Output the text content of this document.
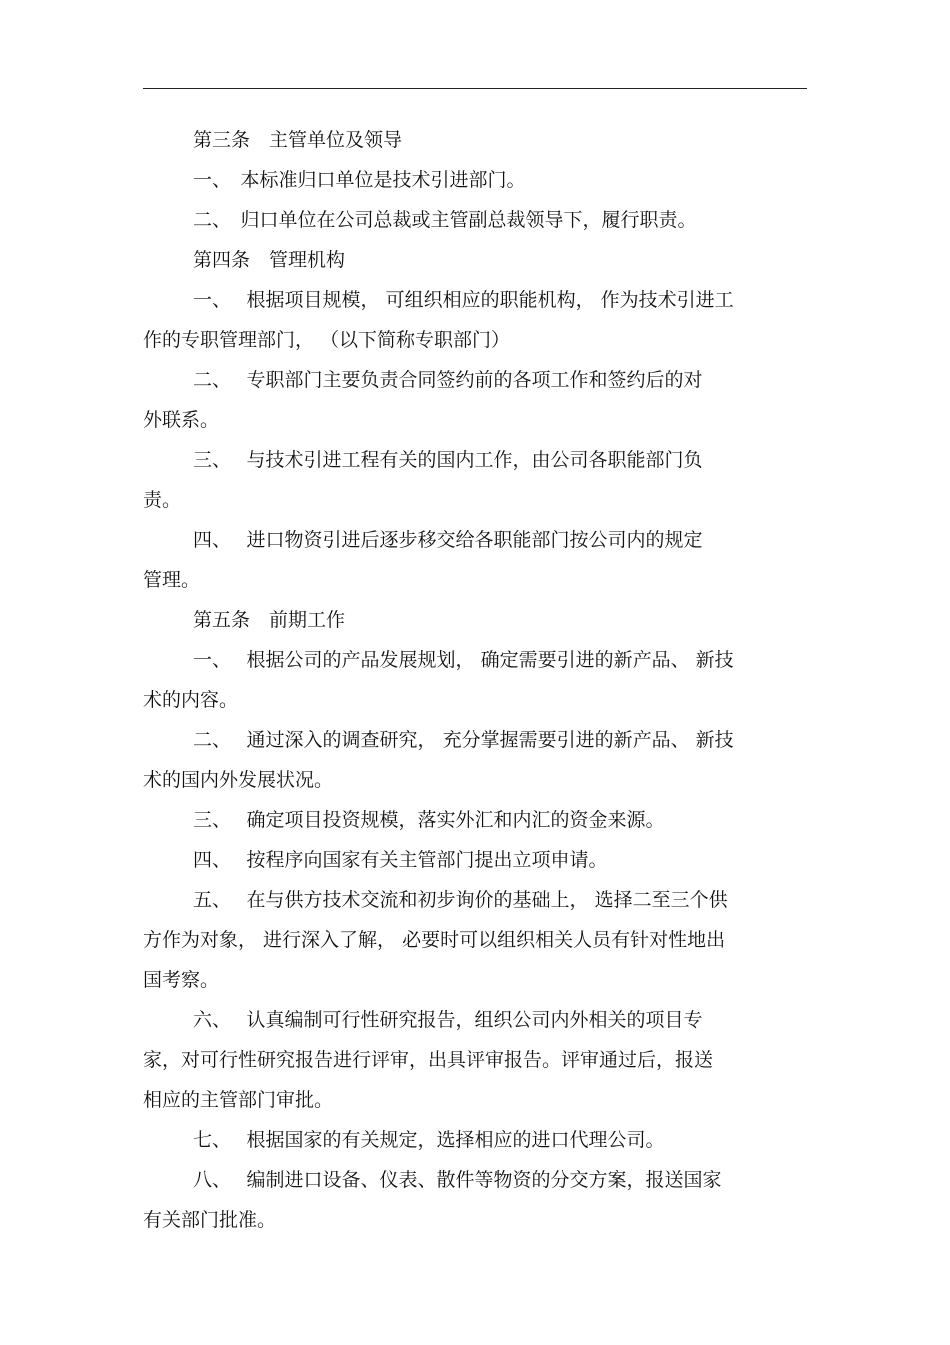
第三条　主管单位及领导
一、　本标准归口单位是技术引进部门。
二、　归口单位在公司总裁或主管副总裁领导下，履行职责。
第四条　管理机构
一、　 根据项目规模， 可组织相应的职能机构， 作为技术引进工
作的专职管理部门， （以下简称专职部门）
二、　 专职部门主要负责合同签约前的各项工作和签约后的对
外联系。
三、　 与技术引进工程有关的国内工作，由公司各职能部门负
责。
四、　 进口物资引进后逐步移交给各职能部门按公司内的规定
管理。
第五条　前期工作
一、　 根据公司的产品发展规划， 确定需要引进的新产品、 新技
术的内容。
二、　 通过深入的调查研究， 充分掌握需要引进的新产品、 新技
术的国内外发展状况。
三、　 确定项目投资规模，落实外汇和内汇的资金来源。
四、　 按程序向国家有关主管部门提出立项申请。
五、　 在与供方技术交流和初步询价的基础上， 选择二至三个供
方作为对象， 进行深入了解， 必要时可以组织相关人员有针对性地出
国考察。
六、　 认真编制可行性研究报告，组织公司内外相关的项目专
家，对可行性研究报告进行评审，出具评审报告。评审通过后，报送
相应的主管部门审批。
七、　 根据国家的有关规定，选择相应的进口代理公司。
八、　 编制进口设备、仪表、散件等物资的分交方案，报送国家
有关部门批准。
